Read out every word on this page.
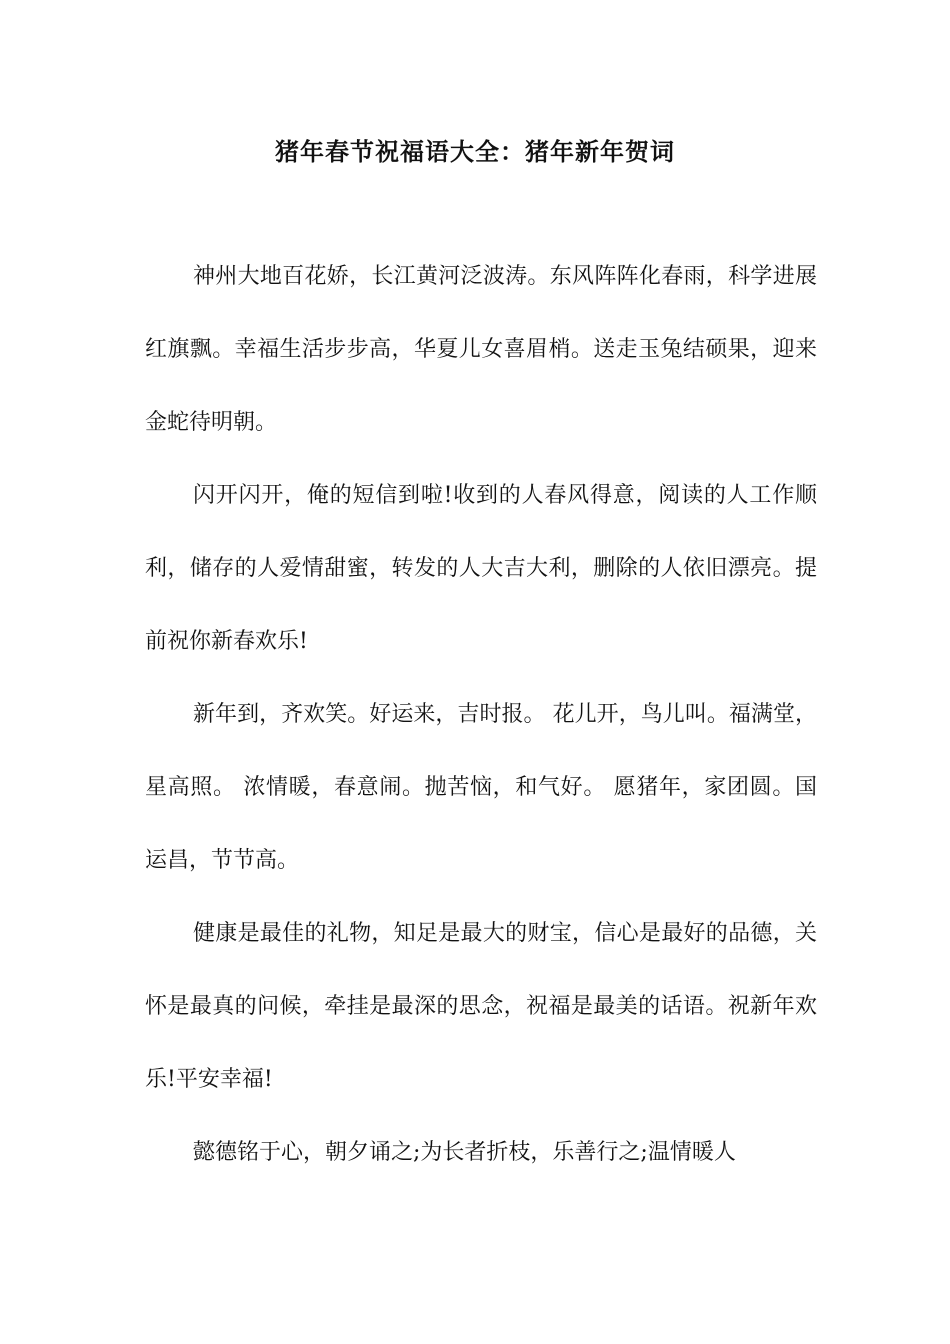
猪年春节祝福语大全：猪年新年贺词

神州大地百花娇，长江黄河泛波涛。东风阵阵化春雨，科学进展红旗飘。幸福生活步步高，华夏儿女喜眉梢。送走玉兔结硕果，迎来金蛇待明朝。

闪开闪开，俺的短信到啦!收到的人春风得意，阅读的人工作顺利，储存的人爱情甜蜜，转发的人大吉大利，删除的人依旧漂亮。提前祝你新春欢乐!

新年到，齐欢笑。好运来，吉时报。 花儿开，鸟儿叫。福满堂，星高照。 浓情暖，春意闹。抛苦恼，和气好。 愿猪年，家团圆。国运昌，节节高。

健康是最佳的礼物，知足是最大的财宝，信心是最好的品德，关怀是最真的问候，牵挂是最深的思念，祝福是最美的话语。祝新年欢乐!平安幸福!

懿德铭于心，朝夕诵之;为长者折枝，乐善行之;温情暖人
